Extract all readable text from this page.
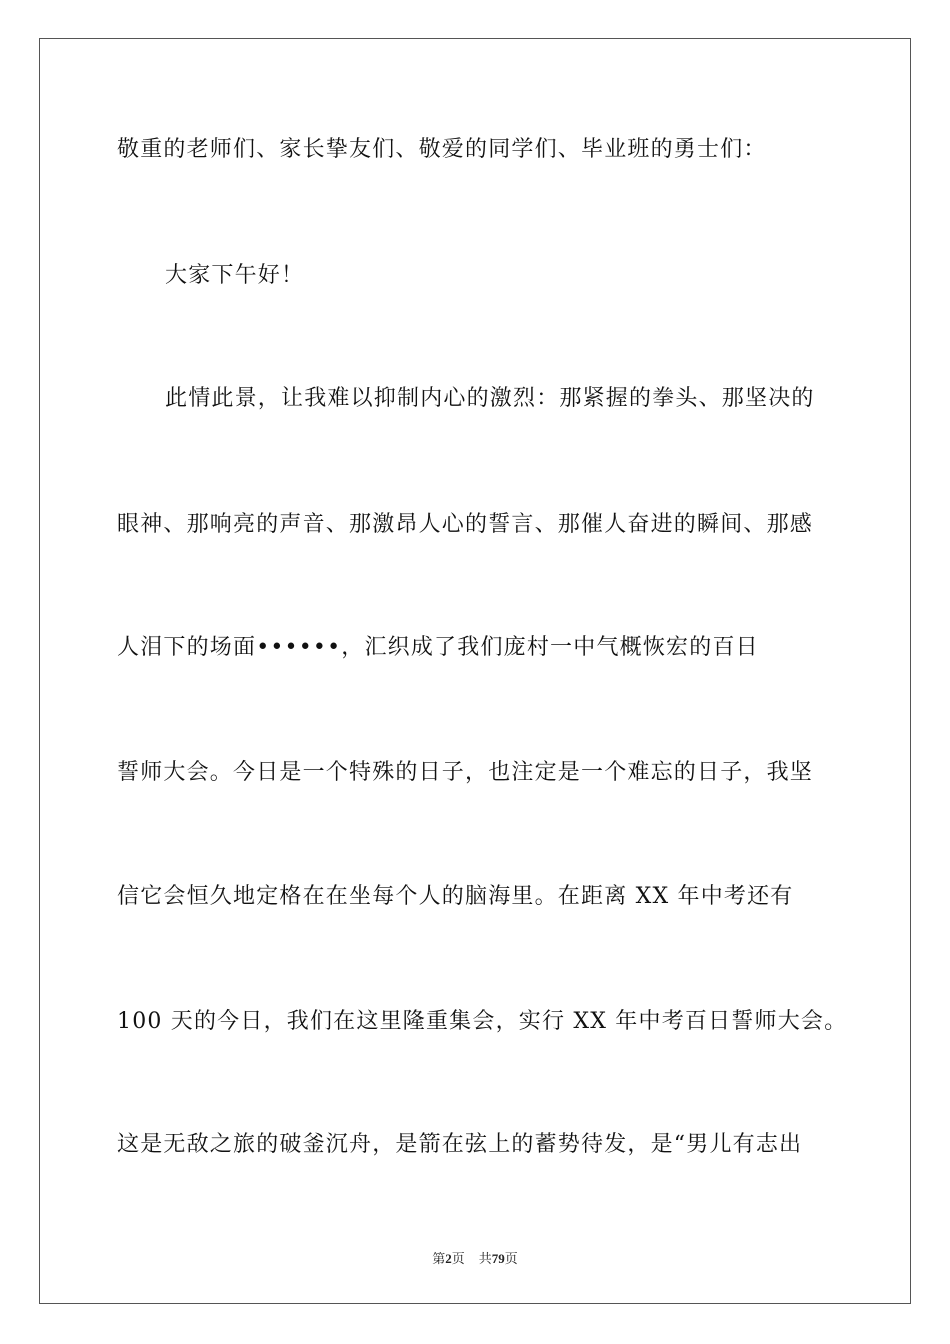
敬重的老师们、家长挚友们、敬爱的同学们、毕业班的勇士们：
大家下午好！
此情此景，让我难以抑制内心的激烈：那紧握的拳头、那坚决的
眼神、那响亮的声音、那激昂人心的誓言、那催人奋进的瞬间、那感
人泪下的场面••••••，汇织成了我们庞村一中气概恢宏的百日
誓师大会。今日是一个特殊的日子，也注定是一个难忘的日子，我坚
信它会恒久地定格在在坐每个人的脑海里。在距离 XX 年中考还有
100 天的今日，我们在这里隆重集会，实行 XX 年中考百日誓师大会。
这是无敌之旅的破釜沉舟，是箭在弦上的蓄势待发，是“男儿有志出
第2页 共79页
